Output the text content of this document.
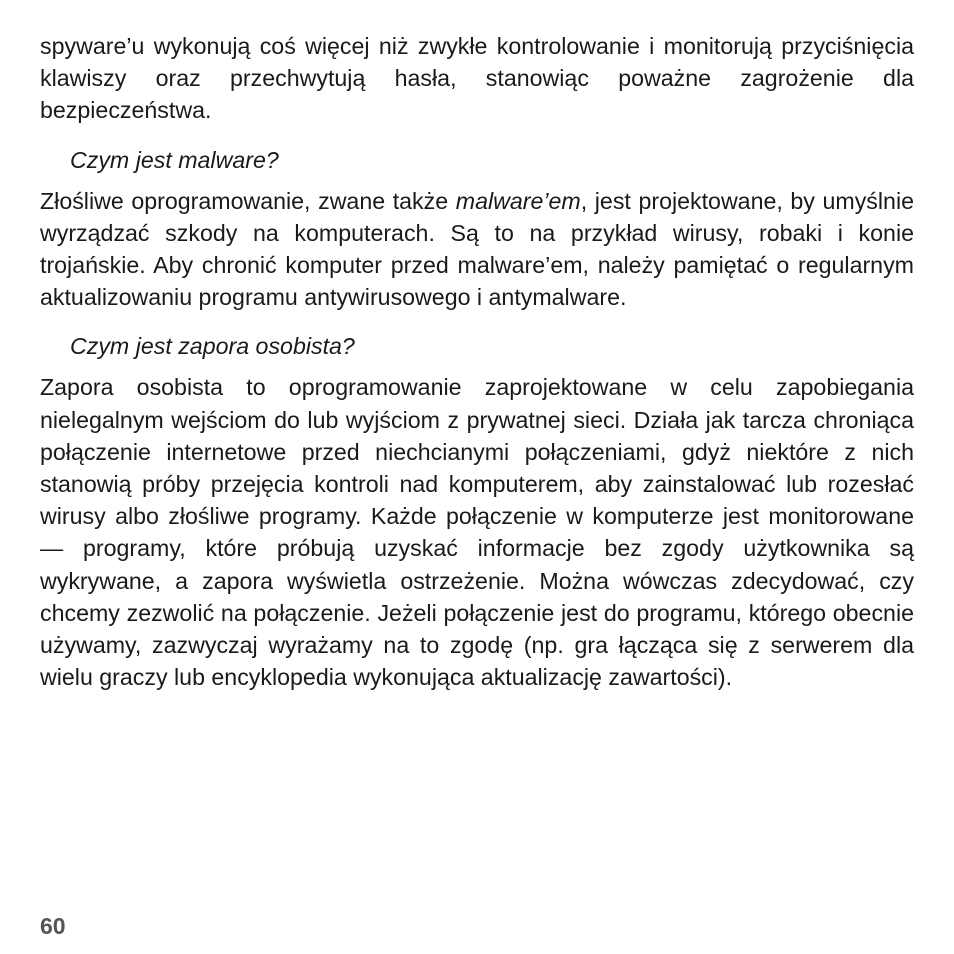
spyware’u wykonują coś więcej niż zwykłe kontrolowanie i monitorują przyciśnięcia klawiszy oraz przechwytują hasła, stanowiąc poważne zagrożenie dla bezpieczeństwa.

Czym jest malware?

Złośliwe oprogramowanie, zwane także malware’em, jest projektowane, by umyślnie wyrządzać szkody na komputerach. Są to na przykład wirusy, robaki i konie trojańskie. Aby chronić komputer przed malware’em, należy pamiętać o regularnym aktualizowaniu programu antywirusowego i antymalware.

Czym jest zapora osobista?

Zapora osobista to oprogramowanie zaprojektowane w celu zapobiegania nielegalnym wejściom do lub wyjściom z prywatnej sieci. Działa jak tarcza chroniąca połączenie internetowe przed niechcianymi połączeniami, gdyż niektóre z nich stanowią próby przejęcia kontroli nad komputerem, aby zainstalować lub rozesłać wirusy albo złośliwe programy. Każde połączenie w komputerze jest monitorowane — programy, które próbują uzyskać informacje bez zgody użytkownika są wykrywane, a zapora wyświetla ostrzeżenie. Można wówczas zdecydować, czy chcemy zezwolić na połączenie. Jeżeli połączenie jest do programu, którego obecnie używamy, zazwyczaj wyrażamy na to zgodę (np. gra łącząca się z serwerem dla wielu graczy lub encyklopedia wykonująca aktualizację zawartości).

60
